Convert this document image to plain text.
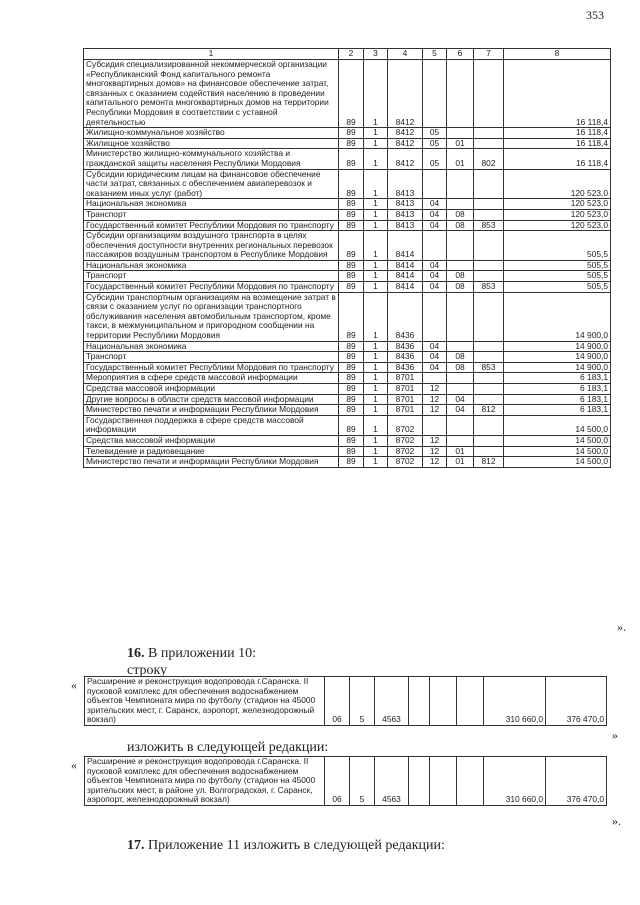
353
1	2	3	4	5	6	7	8
Субсидия специализированной некоммерческой организации «Республиканский Фонд капитального ремонта многоквартирных домов» на финансовое обеспечение затрат, связанных с оказанием содействия населению в проведении капитального ремонта многоквартирных домов на территории Республики Мордовия в соответствии с уставной деятельностью	89	1	8412				16 118,4
Жилищно-коммунальное хозяйство	89	1	8412	05			16 118,4
Жилищное хозяйство	89	1	8412	05	01		16 118,4
Министерство жилищно-коммунального хозяйства и гражданской защиты населения Республики Мордовия	89	1	8412	05	01	802	16 118,4
Субсидии юридическим лицам на финансовое обеспечение части затрат, связанных с обеспечением авиаперевозок и оказанием иных услуг (работ)	89	1	8413				120 523,0
Национальная экономика	89	1	8413	04			120 523,0
Транспорт	89	1	8413	04	08		120 523,0
Государственный комитет Республики Мордовия по транспорту	89	1	8413	04	08	853	120 523,0
Субсидии организациям воздушного транспорта в целях обеспечения доступности внутренних региональных перевозок пассажиров воздушным транспортом в Республике Мордовия	89	1	8414				505,5
Национальная экономика	89	1	8414	04			505,5
Транспорт	89	1	8414	04	08		505,5
Государственный комитет Республики Мордовия по транспорту	89	1	8414	04	08	853	505,5
Субсидии транспортным организациям на возмещение затрат в связи с оказанием услуг по организации транспортного обслуживания населения автомобильным транспортом, кроме такси, в межмуниципальном и пригородном сообщении на территории Республики Мордовия	89	1	8436				14 900,0
Национальная экономика	89	1	8436	04			14 900,0
Транспорт	89	1	8436	04	08		14 900,0
Государственный комитет Республики Мордовия по транспорту	89	1	8436	04	08	853	14 900,0
Мероприятия в сфере средств массовой информации	89	1	8701				6 183,1
Средства массовой информации	89	1	8701	12			6 183,1
Другие вопросы в области средств массовой информации	89	1	8701	12	04		6 183,1
Министерство печати и информации Республики Мордовия	89	1	8701	12	04	812	6 183,1
Государственная поддержка в сфере средств массовой информации	89	1	8702				14 500,0
Средства массовой информации	89	1	8702	12			14 500,0
Телевидение и радиовещание	89	1	8702	12	01		14 500,0
Министерство печати и информации Республики Мордовия	89	1	8702	12	01	812	14 500,0
».
16. В приложении 10:
строку
« Расширение и реконструкция водопровода г.Саранска. II пусковой комплекс для обеспечения водоснабжением объектов Чемпионата мира по футболу (стадион на 45000 зрительских мест, г. Саранск, аэропорт, железнодорожный вокзал)	06	5	4563				310 660,0	376 470,0
»
изложить в следующей редакции:
« Расширение и реконструкция водопровода г.Саранска. II пусковой комплекс для обеспечения водоснабжением объектов Чемпионата мира по футболу (стадион на 45000 зрительских мест, в районе ул. Волгоградская, г. Саранск, аэропорт, железнодорожный вокзал)	06	5	4563				310 660,0	376 470,0
».
17. Приложение 11 изложить в следующей редакции:
